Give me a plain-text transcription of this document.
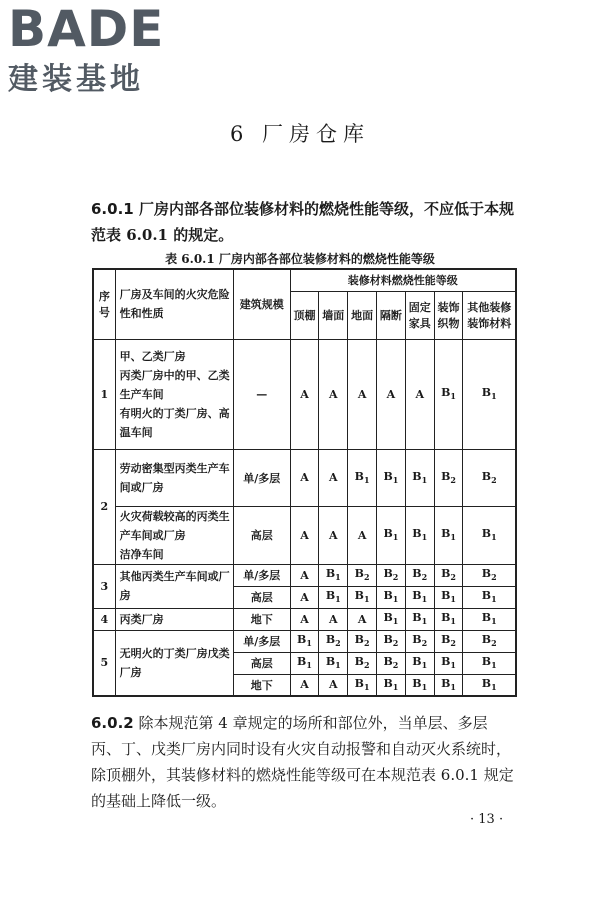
BADE
建装基地
6 厂房仓库
6.0.1 厂房内部各部位装修材料的燃烧性能等级，不应低于本规范表 6.0.1 的规定。
表 6.0.1 厂房内部各部位装修材料的燃烧性能等级
序号	厂房及车间的火灾危险性和性质	建筑规模	装修材料燃烧性能等级						
			顶棚	墙面	地面	隔断	固定家具	装饰织物	其他装修装饰材料
1	甲、乙类厂房
丙类厂房中的甲、乙类生产车间
有明火的丁类厂房、高温车间	—	A	A	A	A	A	$B_1$	$B_1$
2	劳动密集型丙类生产车间或厂房	单/多层	A	A	$B_1$	$B_1$	$B_1$	$B_2$	$B_2$

	火灾荷载较高的丙类生产车间或厂房
洁净车间	高层	A	A	A	$B_1$	$B_1$	$B_1$	$B_1$
3	其他丙类生产车间或厂房	单/多层	A	$B_1$	$B_2$	$B_2$	$B_2$	$B_2$	$B_2$
		高层	A	$B_1$	$B_1$	$B_1$	$B_1$	$B_1$	$B_1$
4	丙类厂房	地下	A	A	A	$B_1$	$B_1$	$B_1$	$B_1$
5	无明火的丁类厂房戊类厂房	单/多层	$B_1$	$B_2$	$B_2$	$B_2$	$B_2$	$B_2$	$B_2$
		高层	$B_1$	$B_1$	$B_2$	$B_2$	$B_1$	$B_1$	$B_1$
		地下	A	A	$B_1$	$B_1$	$B_1$	$B_1$	$B_1$
6.0.2 除本规范第 4 章规定的场所和部位外，当单层、多层丙、丁、戊类厂房内同时设有火灾自动报警和自动灭火系统时，除顶棚外，其装修材料的燃烧性能等级可在本规范表 6.0.1 规定的基础上降低一级。
· 13 ·
